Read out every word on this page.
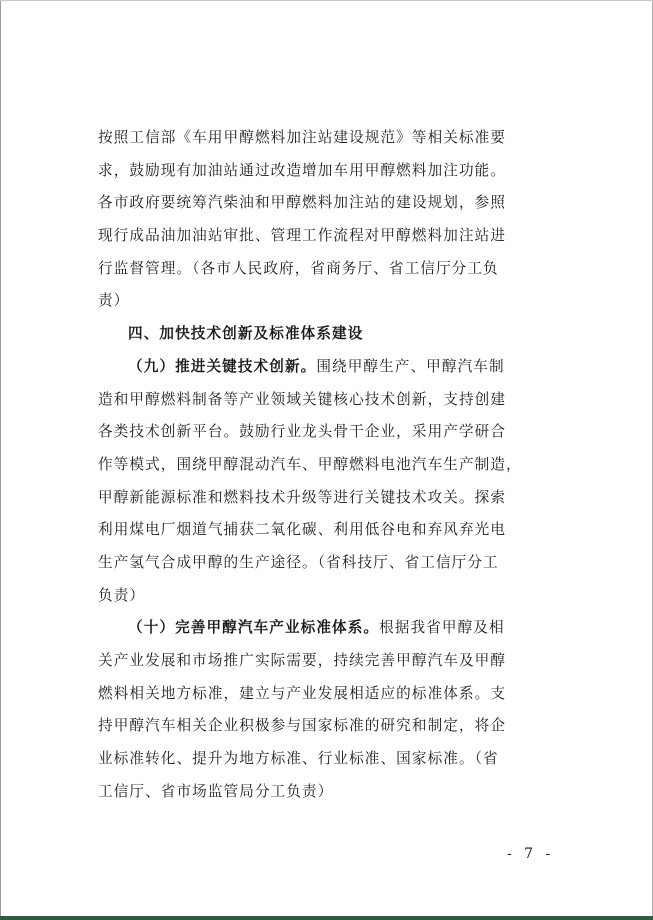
按照工信部《车用甲醇燃料加注站建设规范》等相关标准要
求，鼓励现有加油站通过改造增加车用甲醇燃料加注功能。
各市政府要统筹汽柴油和甲醇燃料加注站的建设规划，参照
现行成品油加油站审批、管理工作流程对甲醇燃料加注站进
行监督管理。（各市人民政府，省商务厅、省工信厅分工负
责）
四、加快技术创新及标准体系建设
（九）推进关键技术创新。围绕甲醇生产、甲醇汽车制
造和甲醇燃料制备等产业领域关键核心技术创新，支持创建
各类技术创新平台。鼓励行业龙头骨干企业，采用产学研合
作等模式，围绕甲醇混动汽车、甲醇燃料电池汽车生产制造，
甲醇新能源标准和燃料技术升级等进行关键技术攻关。探索
利用煤电厂烟道气捕获二氧化碳、利用低谷电和弃风弃光电
生产氢气合成甲醇的生产途径。（省科技厅、省工信厅分工
负责）
（十）完善甲醇汽车产业标准体系。根据我省甲醇及相
关产业发展和市场推广实际需要，持续完善甲醇汽车及甲醇
燃料相关地方标准，建立与产业发展相适应的标准体系。支
持甲醇汽车相关企业积极参与国家标准的研究和制定，将企
业标准转化、提升为地方标准、行业标准、国家标准。（省
工信厅、省市场监管局分工负责）
- 7 -
